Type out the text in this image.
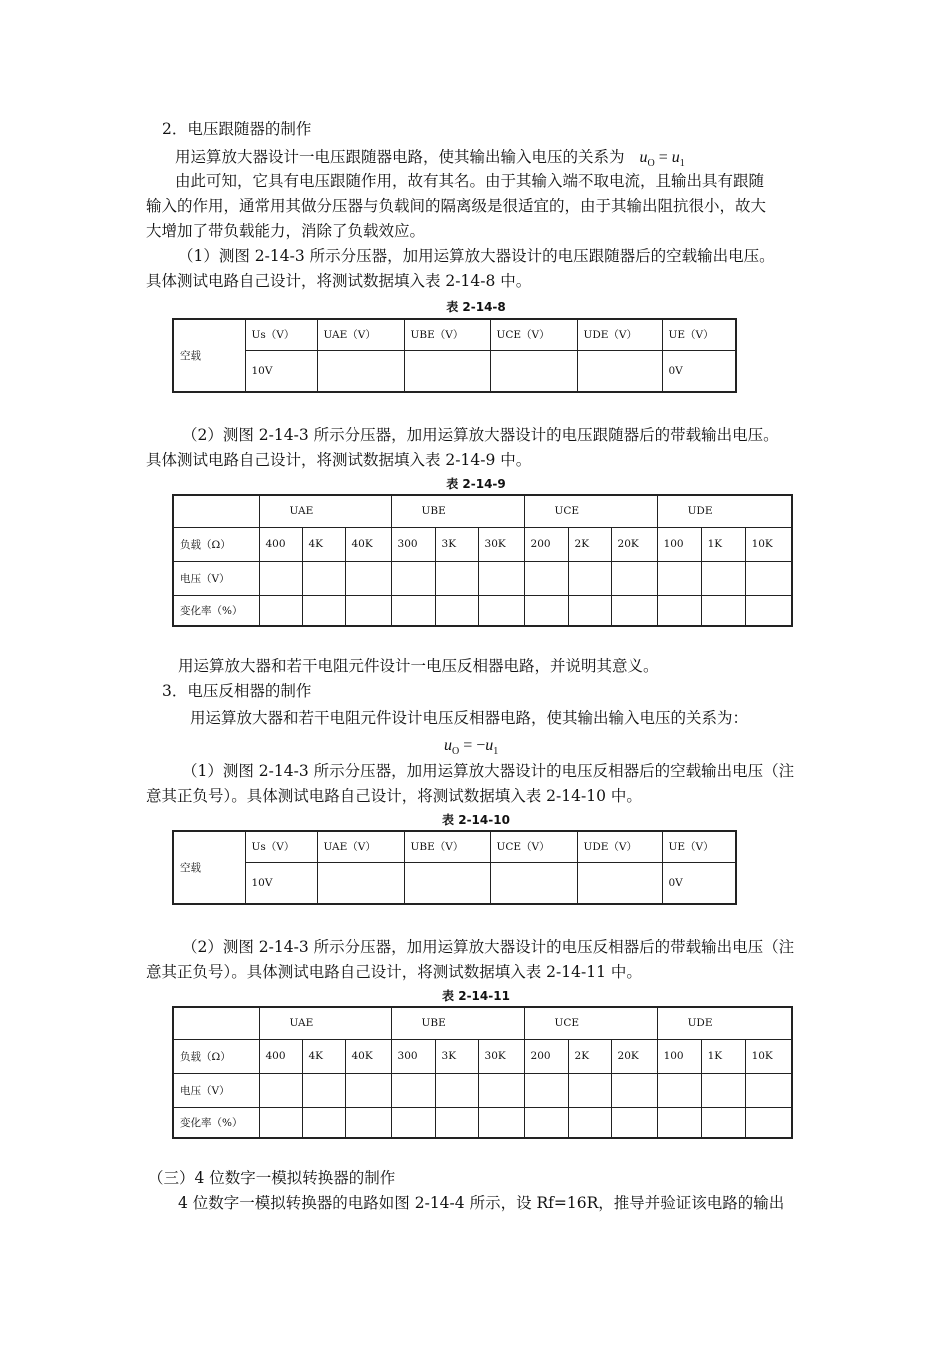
2．电压跟随器的制作
用运算放大器设计一电压跟随器电路，使其输出输入电压的关系为 $u_O = u_1$
由此可知，它具有电压跟随作用，故有其名。由于其输入端不取电流，且输出具有跟随
输入的作用，通常用其做分压器与负载间的隔离级是很适宜的，由于其输出阻抗很小，故大
大增加了带负载能力，消除了负载效应。
（1）测图 2-14-3 所示分压器，加用运算放大器设计的电压跟随器后的空载输出电压。
具体测试电路自己设计，将测试数据填入表 2-14-8 中。
表 2-14-8
空载	Us（V）	UAE（V）	UBE（V）	UCE（V）	UDE（V）	UE（V）
	10V					0V
（2）测图 2-14-3 所示分压器，加用运算放大器设计的电压跟随器后的带载输出电压。
具体测试电路自己设计，将测试数据填入表 2-14-9 中。
表 2-14-9
	UAE			UBE			UCE			UDE		
负载（Ω）	400	4K	40K	300	3K	30K	200	2K	20K	100	1K	10K
电压（V）												
变化率（%）												
用运算放大器和若干电阻元件设计一电压反相器电路，并说明其意义。
3．电压反相器的制作
用运算放大器和若干电阻元件设计电压反相器电路，使其输出输入电压的关系为：
$u_O = -u_1$
（1）测图 2-14-3 所示分压器，加用运算放大器设计的电压反相器后的空载输出电压（注
意其正负号）。具体测试电路自己设计，将测试数据填入表 2-14-10 中。
表 2-14-10
空载	Us（V）	UAE（V）	UBE（V）	UCE（V）	UDE（V）	UE（V）
	10V					0V
（2）测图 2-14-3 所示分压器，加用运算放大器设计的电压反相器后的带载输出电压（注
意其正负号）。具体测试电路自己设计，将测试数据填入表 2-14-11 中。
表 2-14-11
	UAE			UBE			UCE			UDE		
负载（Ω）	400	4K	40K	300	3K	30K	200	2K	20K	100	1K	10K
电压（V）												
变化率（%）												
（三）4 位数字一模拟转换器的制作
4 位数字一模拟转换器的电路如图 2-14-4 所示，设 Rf=16R，推导并验证该电路的输出
